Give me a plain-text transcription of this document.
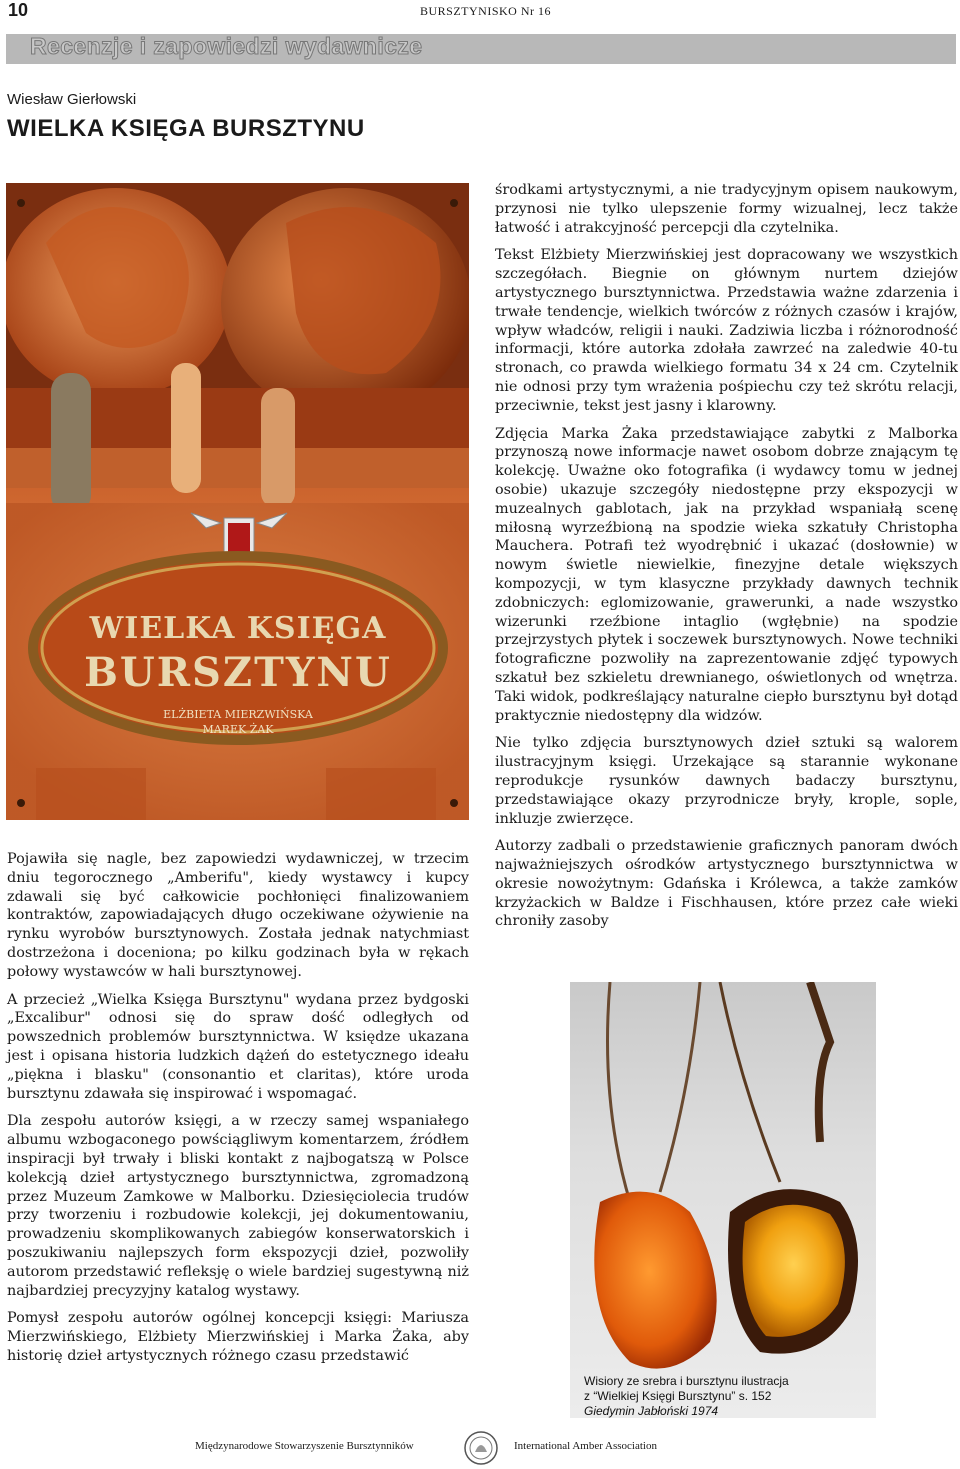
10	BURSZTYNISKO Nr 16
Recenzje i zapowiedzi wydawnicze
Wiesław Gierłowski
WIELKA KSIĘGA BURSZTYNU
WIELKA KSIĘGA
BURSZTYNU
ELŻBIETA MIERZWIŃSKA
MAREK ŻAK

Pojawiła się nagle, bez zapowiedzi wydawniczej, w trzecim dniu tegorocznego „Amberifu", kiedy wystawcy i kupcy zdawali się być całkowicie pochłonięci finalizowaniem kontraktów, zapowiadających długo oczekiwane ożywienie na rynku wyrobów bursztynowych. Została jednak natychmiast dostrzeżona i doceniona; po kilku godzinach była w rękach połowy wystawców w hali bursztynowej.

A przecież „Wielka Księga Bursztynu" wydana przez bydgoski „Excalibur" odnosi się do spraw dość odległych od powszednich problemów bursztynnictwa. W księdze ukazana jest i opisana historia ludzkich dążeń do estetycznego ideału „piękna i blasku" (consonantio et claritas), które uroda bursztynu zdawała się inspirować i wspomagać.

Dla zespołu autorów księgi, a w rzeczy samej wspaniałego albumu wzbogaconego powściągliwym komentarzem, źródłem inspiracji był trwały i bliski kontakt z najbogatszą w Polsce kolekcją dzieł artystycznego bursztynnictwa, zgromadzoną przez Muzeum Zamkowe w Malborku. Dziesięciolecia trudów przy tworzeniu i rozbudowie kolekcji, jej dokumentowaniu, prowadzeniu skomplikowanych zabiegów konserwatorskich i poszukiwaniu najlepszych form ekspozycji dzieł, pozwoliły autorom przedstawić refleksję o wiele bardziej sugestywną niż najbardziej precyzyjny katalog wystawy.

Pomysł zespołu autorów ogólnej koncepcji księgi: Mariusza Mierzwińskiego, Elżbiety Mierzwińskiej i Marka Żaka, aby historię dzieł artystycznych różnego czasu przedstawić

środkami artystycznymi, a nie tradycyjnym opisem naukowym, przynosi nie tylko ulepszenie formy wizualnej, lecz także łatwość i atrakcyjność percepcji dla czytelnika.

Tekst Elżbiety Mierzwińskiej jest dopracowany we wszystkich szczegółach. Biegnie on głównym nurtem dziejów artystycznego bursztynnictwa. Przedstawia ważne zdarzenia i trwałe tendencje, wielkich twórców z różnych czasów i krajów, wpływ władców, religii i nauki. Zadziwia liczba i różnorodność informacji, które autorka zdołała zawrzeć na zaledwie 40-tu stronach, co prawda wielkiego formatu 34 x 24 cm. Czytelnik nie odnosi przy tym wrażenia pośpiechu czy też skrótu relacji, przeciwnie, tekst jest jasny i klarowny.

Zdjęcia Marka Żaka przedstawiające zabytki z Malborka przynoszą nowe informacje nawet osobom dobrze znającym tę kolekcję. Uważne oko fotografika (i wydawcy tomu w jednej osobie) ukazuje szczegóły niedostępne przy ekspozycji w muzealnych gablotach, jak na przykład wspaniałą scenę miłosną wyrzeźbioną na spodzie wieka szkatuły Christopha Mauchera. Potrafi też wyodrębnić i ukazać (dosłownie) w nowym świetle niewielkie, finezyjne detale większych kompozycji, w tym klasyczne przykłady dawnych technik zdobniczych: eglomizowanie, grawerunki, a nade wszystko wizerunki rzeźbione intaglio (wgłębnie) na spodzie przejrzystych płytek i soczewek bursztynowych. Nowe techniki fotograficzne pozwoliły na zaprezentowanie zdjęć typowych szkatuł bez szkieletu drewnianego, oświetlonych od wnętrza. Taki widok, podkreślający naturalne ciepło bursztynu był dotąd praktycznie niedostępny dla widzów.

Nie tylko zdjęcia bursztynowych dzieł sztuki są walorem ilustracyjnym księgi. Urzekające są starannie wykonane reprodukcje rysunków dawnych badaczy bursztynu, przedstawiające okazy przyrodnicze bryły, krople, sople, inkluzje zwierzęce.

Autorzy zadbali o przedstawienie graficznych panoram dwóch najważniejszych ośrodków artystycznego bursztynnictwa w okresie nowożytnym: Gdańska i Królewca, a także zamków krzyżackich w Baldze i Fischhausen, które przez całe wieki chroniły zasoby

Wisiory ze srebra i bursztynu ilustracja
z “Wielkiej Księgi Bursztynu” s. 152
Giedymin Jabłoński 1974
Międzynarodowe Stowarzyszenie Bursztynników	International Amber Association
